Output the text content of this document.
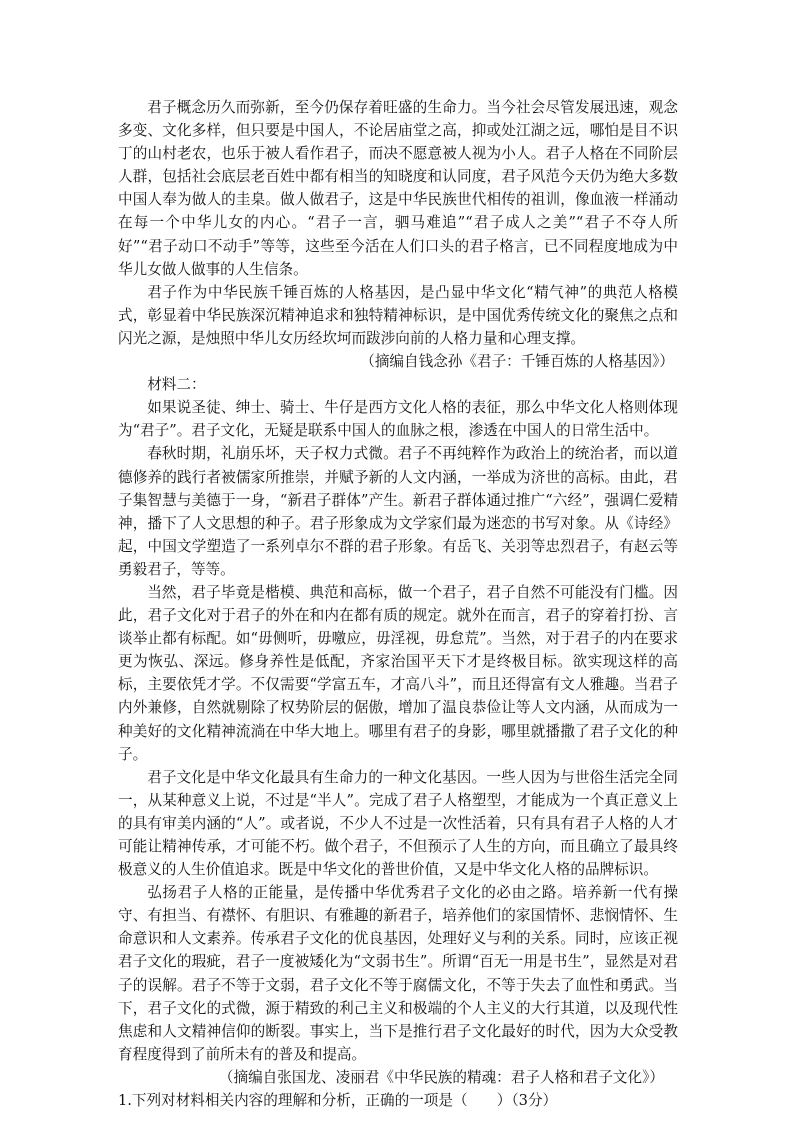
君子概念历久而弥新，至今仍保存着旺盛的生命力。当今社会尽管发展迅速，观念多变、文化多样，但只要是中国人，不论居庙堂之高，抑或处江湖之远，哪怕是目不识丁的山村老农，也乐于被人看作君子，而决不愿意被人视为小人。君子人格在不同阶层人群，包括社会底层老百姓中都有相当的知晓度和认同度，君子风范今天仍为绝大多数中国人奉为做人的圭臬。做人做君子，这是中华民族世代相传的祖训，像血液一样涌动在每一个中华儿女的内心。“君子一言，驷马难追”“君子成人之美”“君子不夺人所好”“君子动口不动手”等等，这些至今活在人们口头的君子格言，已不同程度地成为中华儿女做人做事的人生信条。

君子作为中华民族千锤百炼的人格基因，是凸显中华文化“精气神”的典范人格模式，彰显着中华民族深沉精神追求和独特精神标识，是中国优秀传统文化的聚焦之点和闪光之源，是烛照中华儿女历经坎坷而跋涉向前的人格力量和心理支撑。

（摘编自钱念孙《君子：千锤百炼的人格基因》）

材料二：

如果说圣徒、绅士、骑士、牛仔是西方文化人格的表征，那么中华文化人格则体现为“君子”。君子文化，无疑是联系中国人的血脉之根，渗透在中国人的日常生活中。

春秋时期，礼崩乐坏，天子权力式微。君子不再纯粹作为政治上的统治者，而以道德修养的践行者被儒家所推崇，并赋予新的人文内涵，一举成为济世的高标。由此，君子集智慧与美德于一身，“新君子群体”产生。新君子群体通过推广“六经”，强调仁爱精神，播下了人文思想的种子。君子形象成为文学家们最为迷恋的书写对象。从《诗经》起，中国文学塑造了一系列卓尔不群的君子形象。有岳飞、关羽等忠烈君子，有赵云等勇毅君子，等等。

当然，君子毕竟是楷模、典范和高标，做一个君子，君子自然不可能没有门槛。因此，君子文化对于君子的外在和内在都有质的规定。就外在而言，君子的穿着打扮、言谈举止都有标配。如“毋侧听，毋噭应，毋淫视，毋怠荒”。当然，对于君子的内在要求更为恢弘、深远。修身养性是低配，齐家治国平天下才是终极目标。欲实现这样的高标，主要依凭才学。不仅需要“学富五车，才高八斗”，而且还得富有文人雅趣。当君子内外兼修，自然就剔除了权势阶层的倨傲，增加了温良恭俭让等人文内涵，从而成为一种美好的文化精神流淌在中华大地上。哪里有君子的身影，哪里就播撒了君子文化的种子。

君子文化是中华文化最具有生命力的一种文化基因。一些人因为与世俗生活完全同一，从某种意义上说，不过是“半人”。完成了君子人格塑型，才能成为一个真正意义上的具有审美内涵的“人”。或者说，不少人不过是一次性活着，只有具有君子人格的人才可能让精神传承，才可能不朽。做个君子，不但预示了人生的方向，而且确立了最具终极意义的人生价值追求。既是中华文化的普世价值，又是中华文化人格的品牌标识。

弘扬君子人格的正能量，是传播中华优秀君子文化的必由之路。培养新一代有操守、有担当、有襟怀、有胆识、有雅趣的新君子，培养他们的家国情怀、悲悯情怀、生命意识和人文素养。传承君子文化的优良基因，处理好义与利的关系。同时，应该正视君子文化的瑕疵，君子一度被矮化为“文弱书生”。所谓“百无一用是书生”，显然是对君子的误解。君子不等于文弱，君子文化不等于腐儒文化，不等于失去了血性和勇武。当下，君子文化的式微，源于精致的利己主义和极端的个人主义的大行其道，以及现代性焦虑和人文精神信仰的断裂。事实上，当下是推行君子文化最好的时代，因为大众受教育程度得到了前所未有的普及和提高。

（摘编自张国龙、凌丽君《中华民族的精魂：君子人格和君子文化》）

1.下列对材料相关内容的理解和分析，正确的一项是（　　）（3分）
